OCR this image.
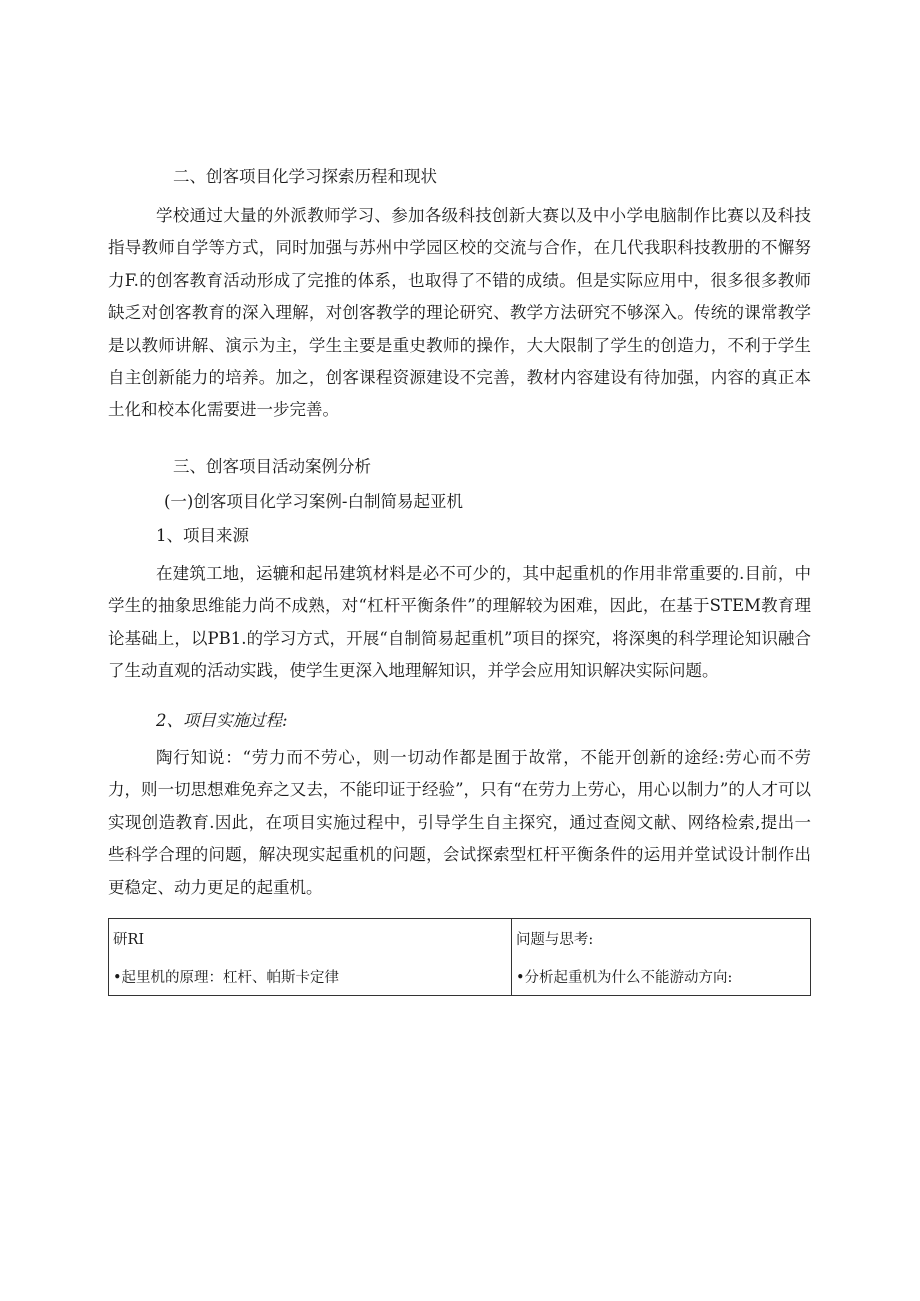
二、创客项目化学习探索历程和现状

学校通过大量的外派教师学习、参加各级科技创新大赛以及中小学电脑制作比赛以及科技指导教师自学等方式，同时加强与苏州中学园区校的交流与合作，在几代我职科技教册的不懈努力F.的创客教育活动形成了完推的体系，也取得了不错的成绩。但是实际应用中，很多很多教师缺乏对创客教育的深入理解，对创客教学的理论研究、教学方法研究不够深入。传统的课常教学是以教师讲解、演示为主，学生主要是重史教师的操作，大大限制了学生的创造力，不利于学生自主创新能力的培养。加之，创客课程资源建设不完善，教材内容建设有待加强，内容的真正本土化和校本化需要进一步完善。

三、创客项目活动案例分析
(一)创客项目化学习案例-白制简易起亚机
1、项目来源

在建筑工地，运辘和起吊建筑材料是必不可少的，其中起重机的作用非常重要的.目前，中学生的抽象思维能力尚不成熟，对“杠杆平衡条件”的理解较为困难，因此，在基于STEM教育理论基础上，以PB1.的学习方式，开展“自制简易起重机”项目的探究，将深奥的科学理论知识融合了生动直观的活动实践，使学生更深入地理解知识，并学会应用知识解决实际问题。

2、项目实施过程:

陶行知说：“劳力而不劳心，则一切动作都是囿于故常，不能开创新的途经:劳心而不劳力，则一切思想难免弃之又去，不能印证于经验”，只有“在劳力上劳心，用心以制力”的人才可以实现创造教育.因此，在项目实施过程中，引导学生自主探究，通过查阅文献、网络检索,提出一些科学合理的问题，解决现实起重机的问题，会试探索型杠杆平衡条件的运用并堂试设计制作出更稳定、动力更足的起重机。

研RI	问题与思考:
•起里机的原理：杠杆、帕斯卡定律	•分析起重机为什么不能游动方向:
